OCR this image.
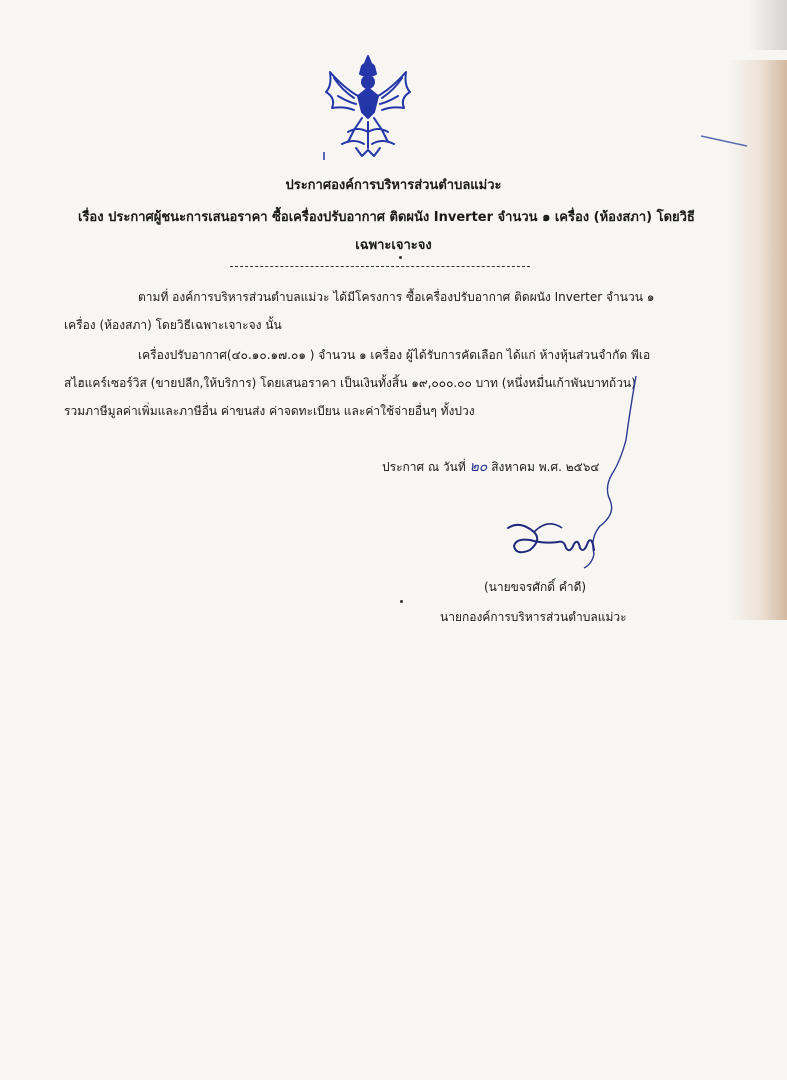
ประกาศองค์การบริหารส่วนตำบลแม่วะ
เรื่อง ประกาศผู้ชนะการเสนอราคา ซื้อเครื่องปรับอากาศ ติดผนัง Inverter จำนวน ๑ เครื่อง (ห้องสภา) โดยวิธี
เฉพาะเจาะจง
ตามที่ องค์การบริหารส่วนตำบลแม่วะ ได้มีโครงการ ซื้อเครื่องปรับอากาศ ติดผนัง Inverter จำนวน ๑
เครื่อง (ห้องสภา) โดยวิธีเฉพาะเจาะจง นั้น
เครื่องปรับอากาศ(๔๐.๑๐.๑๗.๐๑ ) จำนวน ๑ เครื่อง ผู้ได้รับการคัดเลือก ได้แก่ ห้างหุ้นส่วนจำกัด พีเอ
สไฮแคร์เซอร์วิส (ขายปลีก,ให้บริการ) โดยเสนอราคา เป็นเงินทั้งสิ้น ๑๙,๐๐๐.๐๐ บาท (หนึ่งหมื่นเก้าพันบาทถ้วน)
รวมภาษีมูลค่าเพิ่มและภาษีอื่น ค่าขนส่ง ค่าจดทะเบียน และค่าใช้จ่ายอื่นๆ ทั้งปวง
ประกาศ ณ วันที่ ๒๐ สิงหาคม พ.ศ. ๒๕๖๔
(นายขจรศักดิ์ คำดี)
นายกองค์การบริหารส่วนตำบลแม่วะ
